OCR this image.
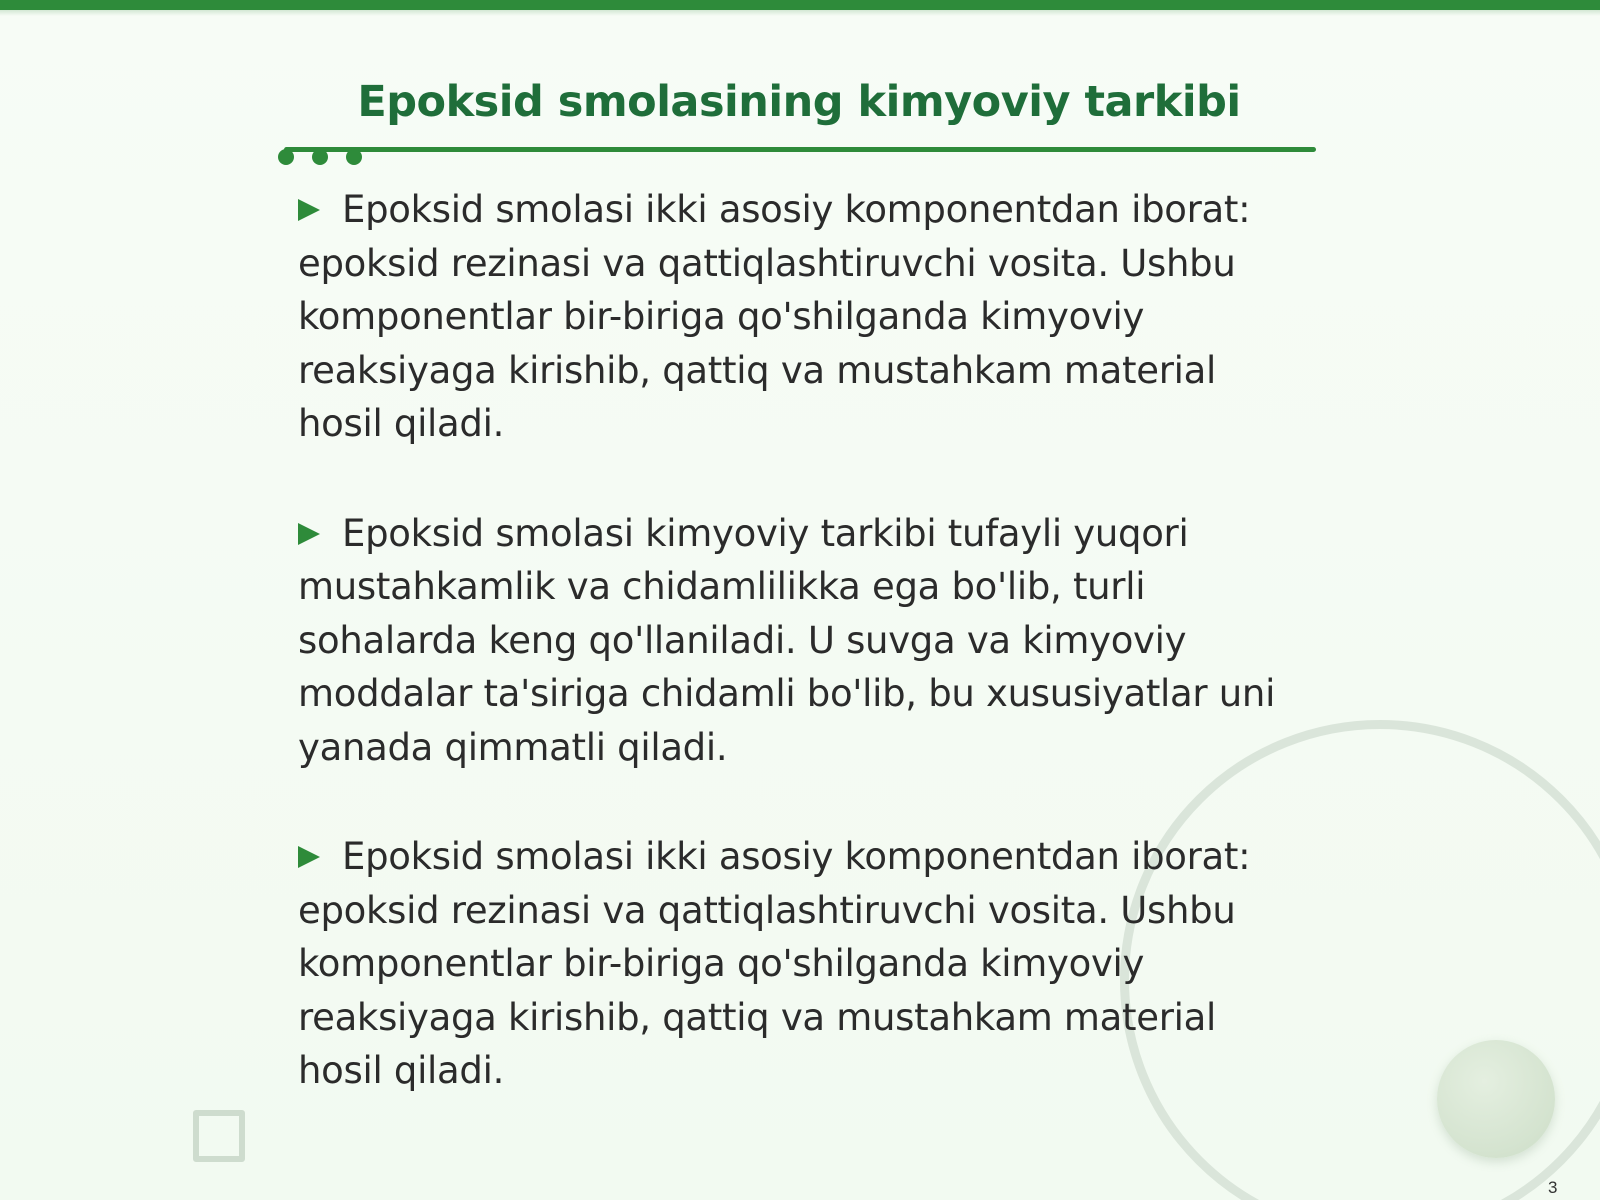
Epoksid smolasining kimyoviy tarkibi
Epoksid smolasi ikki asosiy komponentdan iborat: epoksid rezinasi va qattiqlashtiruvchi vosita. Ushbu komponentlar bir-biriga qo'shilganda kimyoviy reaksiyaga kirishib, qattiq va mustahkam material hosil qiladi.
Epoksid smolasi kimyoviy tarkibi tufayli yuqori mustahkamlik va chidamlilikka ega bo'lib, turli sohalarda keng qo'llaniladi. U suvga va kimyoviy moddalar ta'siriga chidamli bo'lib, bu xususiyatlar uni yanada qimmatli qiladi.
Epoksid smolasi ikki asosiy komponentdan iborat: epoksid rezinasi va qattiqlashtiruvchi vosita. Ushbu komponentlar bir-biriga qo'shilganda kimyoviy reaksiyaga kirishib, qattiq va mustahkam material hosil qiladi.
3
